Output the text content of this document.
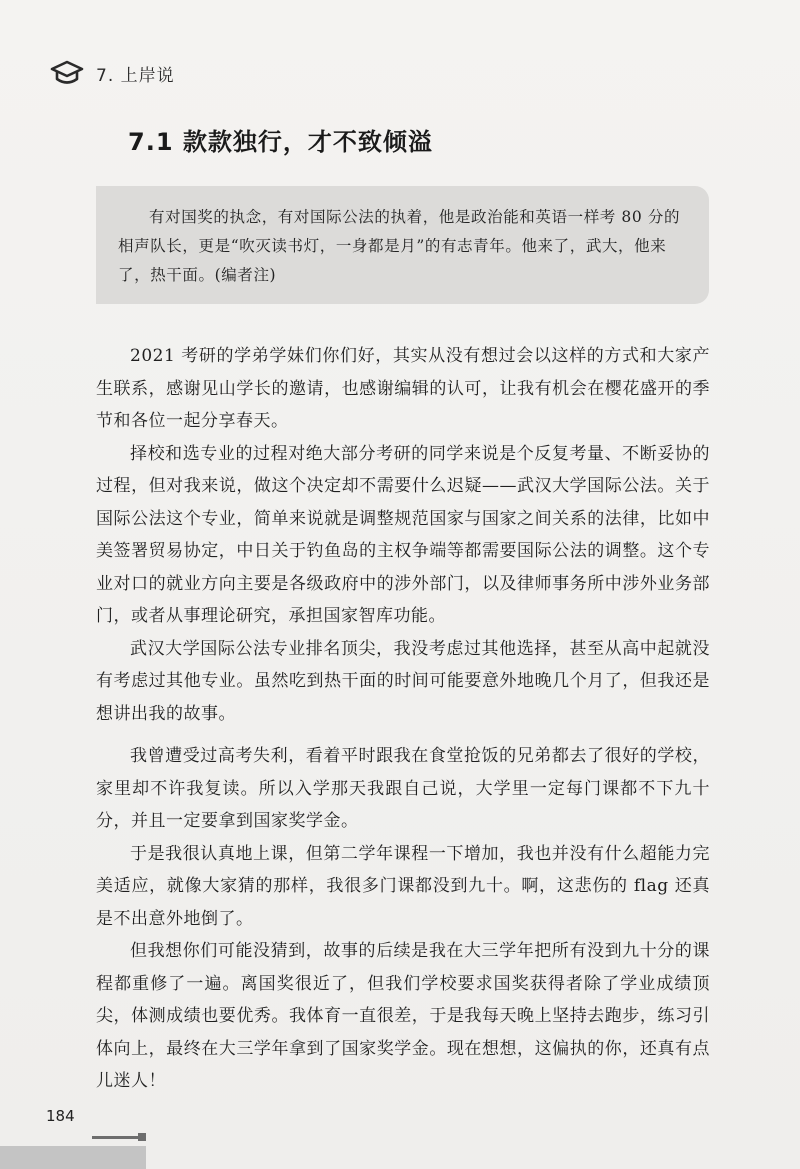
7. 上岸说
7.1 款款独行，才不致倾溢

有对国奖的执念，有对国际公法的执着，他是政治能和英语一样考 80 分的相声队长，更是“吹灭读书灯，一身都是月”的有志青年。他来了，武大，他来了，热干面。(编者注)

2021 考研的学弟学妹们你们好，其实从没有想过会以这样的方式和大家产生联系，感谢见山学长的邀请，也感谢编辑的认可，让我有机会在樱花盛开的季节和各位一起分享春天。

择校和选专业的过程对绝大部分考研的同学来说是个反复考量、不断妥协的过程，但对我来说，做这个决定却不需要什么迟疑——武汉大学国际公法。关于国际公法这个专业，简单来说就是调整规范国家与国家之间关系的法律，比如中美签署贸易协定，中日关于钓鱼岛的主权争端等都需要国际公法的调整。这个专业对口的就业方向主要是各级政府中的涉外部门，以及律师事务所中涉外业务部门，或者从事理论研究，承担国家智库功能。

武汉大学国际公法专业排名顶尖，我没考虑过其他选择，甚至从高中起就没有考虑过其他专业。虽然吃到热干面的时间可能要意外地晚几个月了，但我还是想讲出我的故事。

我曾遭受过高考失利，看着平时跟我在食堂抢饭的兄弟都去了很好的学校，家里却不许我复读。所以入学那天我跟自己说，大学里一定每门课都不下九十分，并且一定要拿到国家奖学金。

于是我很认真地上课，但第二学年课程一下增加，我也并没有什么超能力完美适应，就像大家猜的那样，我很多门课都没到九十。啊，这悲伤的 flag 还真是不出意外地倒了。

但我想你们可能没猜到，故事的后续是我在大三学年把所有没到九十分的课程都重修了一遍。离国奖很近了，但我们学校要求国奖获得者除了学业成绩顶尖，体测成绩也要优秀。我体育一直很差，于是我每天晚上坚持去跑步，练习引体向上，最终在大三学年拿到了国家奖学金。现在想想，这偏执的你，还真有点儿迷人！

184
